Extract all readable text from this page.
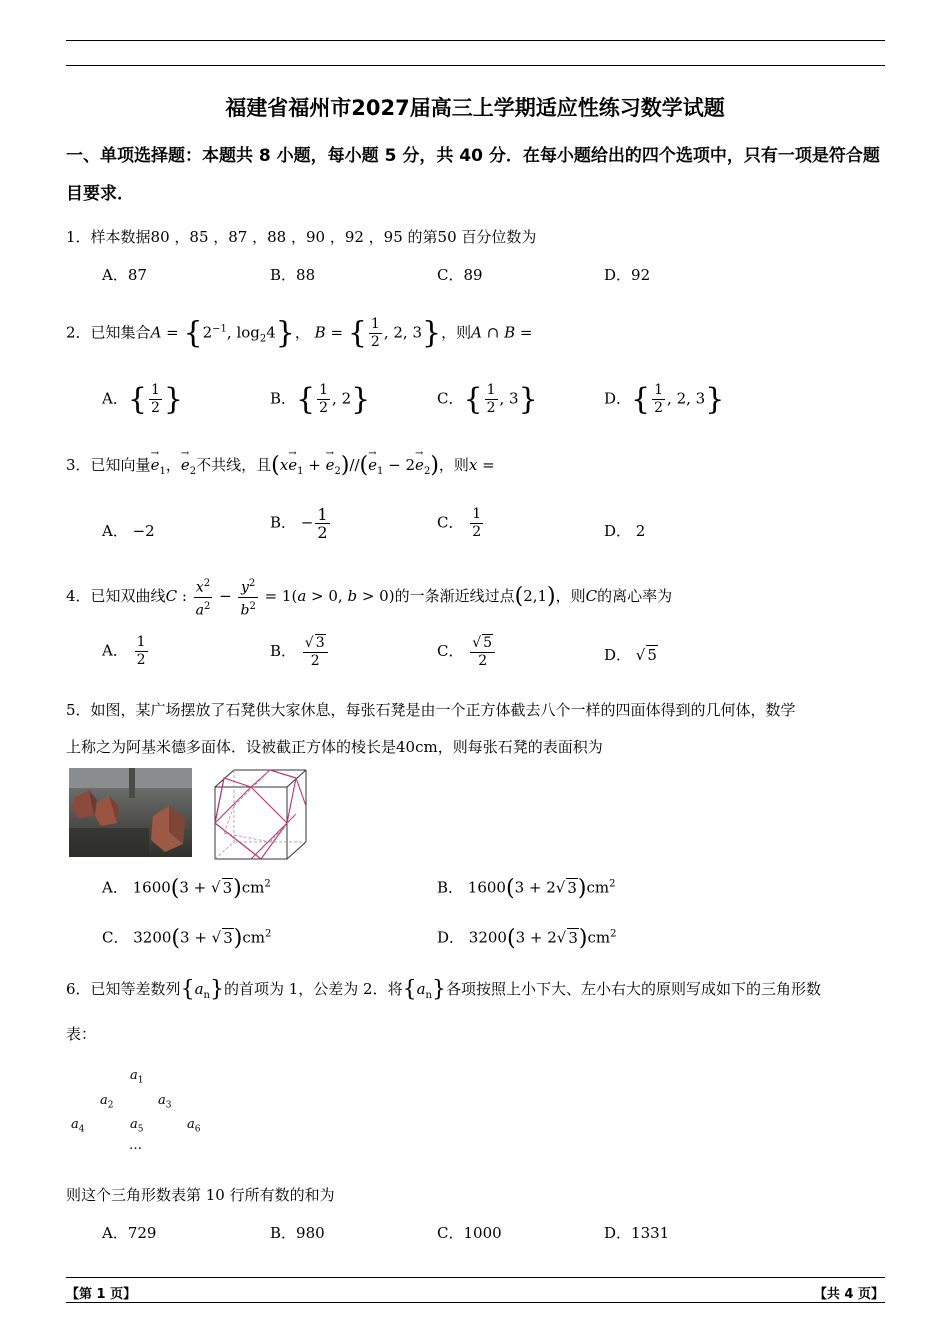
福建省福州市2027届高三上学期适应性练习数学试题
一、单项选择题：本题共 8 小题，每小题 5 分，共 40 分．在每小题给出的四个选项中，只有一项是符合题目要求．
1．样本数据80 ，85 ，87 ，88 ，90 ，92 ，95 的第50 百分位数为
A．87	B．88	C．89	D．92
2．已知集合$A = \{2^{-1}$, $\log_24$}， B = { $\frac{1}{2}$ , 2, 3}，则A ∩ B =
A．{ $\frac{1}{2}$ }	B．{ $\frac{1}{2}$ , 2}	C．{ $\frac{1}{2}$ , 3}	D．{ $\frac{1}{2}$ , 2, 3}
3．已知向量→ $e_1$，→ $e_2$不共线，且($x\to e_1$ + → $e_2)//(\to e_1 - 2\to e_2)$，则x =
A． −2	B． − $\frac{1}{2}$	C． $\frac{1}{2}$	D． 2
4．已知双曲线C : $\frac{x^2}{a^2} - \frac{y^2}{b^2} = 1(a > 0$, b > 0)的一条渐近线过点(2,1)，则C的离心率为
A． $\frac{1}{2}$	B． $\frac{√ 3}{2}$	C． $\frac{√ 5}{2}$	D． √ 5
5．如图，某广场摆放了石凳供大家休息，每张石凳是由一个正方体截去八个一样的四面体得到的几何体，数学
上称之为阿基米德多面体．设被截正方体的棱长是40cm，则每张石凳的表面积为
A． 1600(3 + √ $3)cm^2$	B． 1600(3 + 2√ $3)cm^2$
C． 3200(3 + √ $3)cm^2$	D． 3200(3 + 2√ $3)cm^2$
6．已知等差数列$\{a_n\}$的首项为 1，公差为 2．将$\{a_n\}$各项按照上小下大、左小右大的原则写成如下的三角形数
表：
$a_1$
$a_2$	$a_3$
$a_4$	$a_5$	$a_6$
…
则这个三角形数表第 10 行所有数的和为
A．729	B．980	C．1000	D．1331
【第 1 页】	【共 4 页】
